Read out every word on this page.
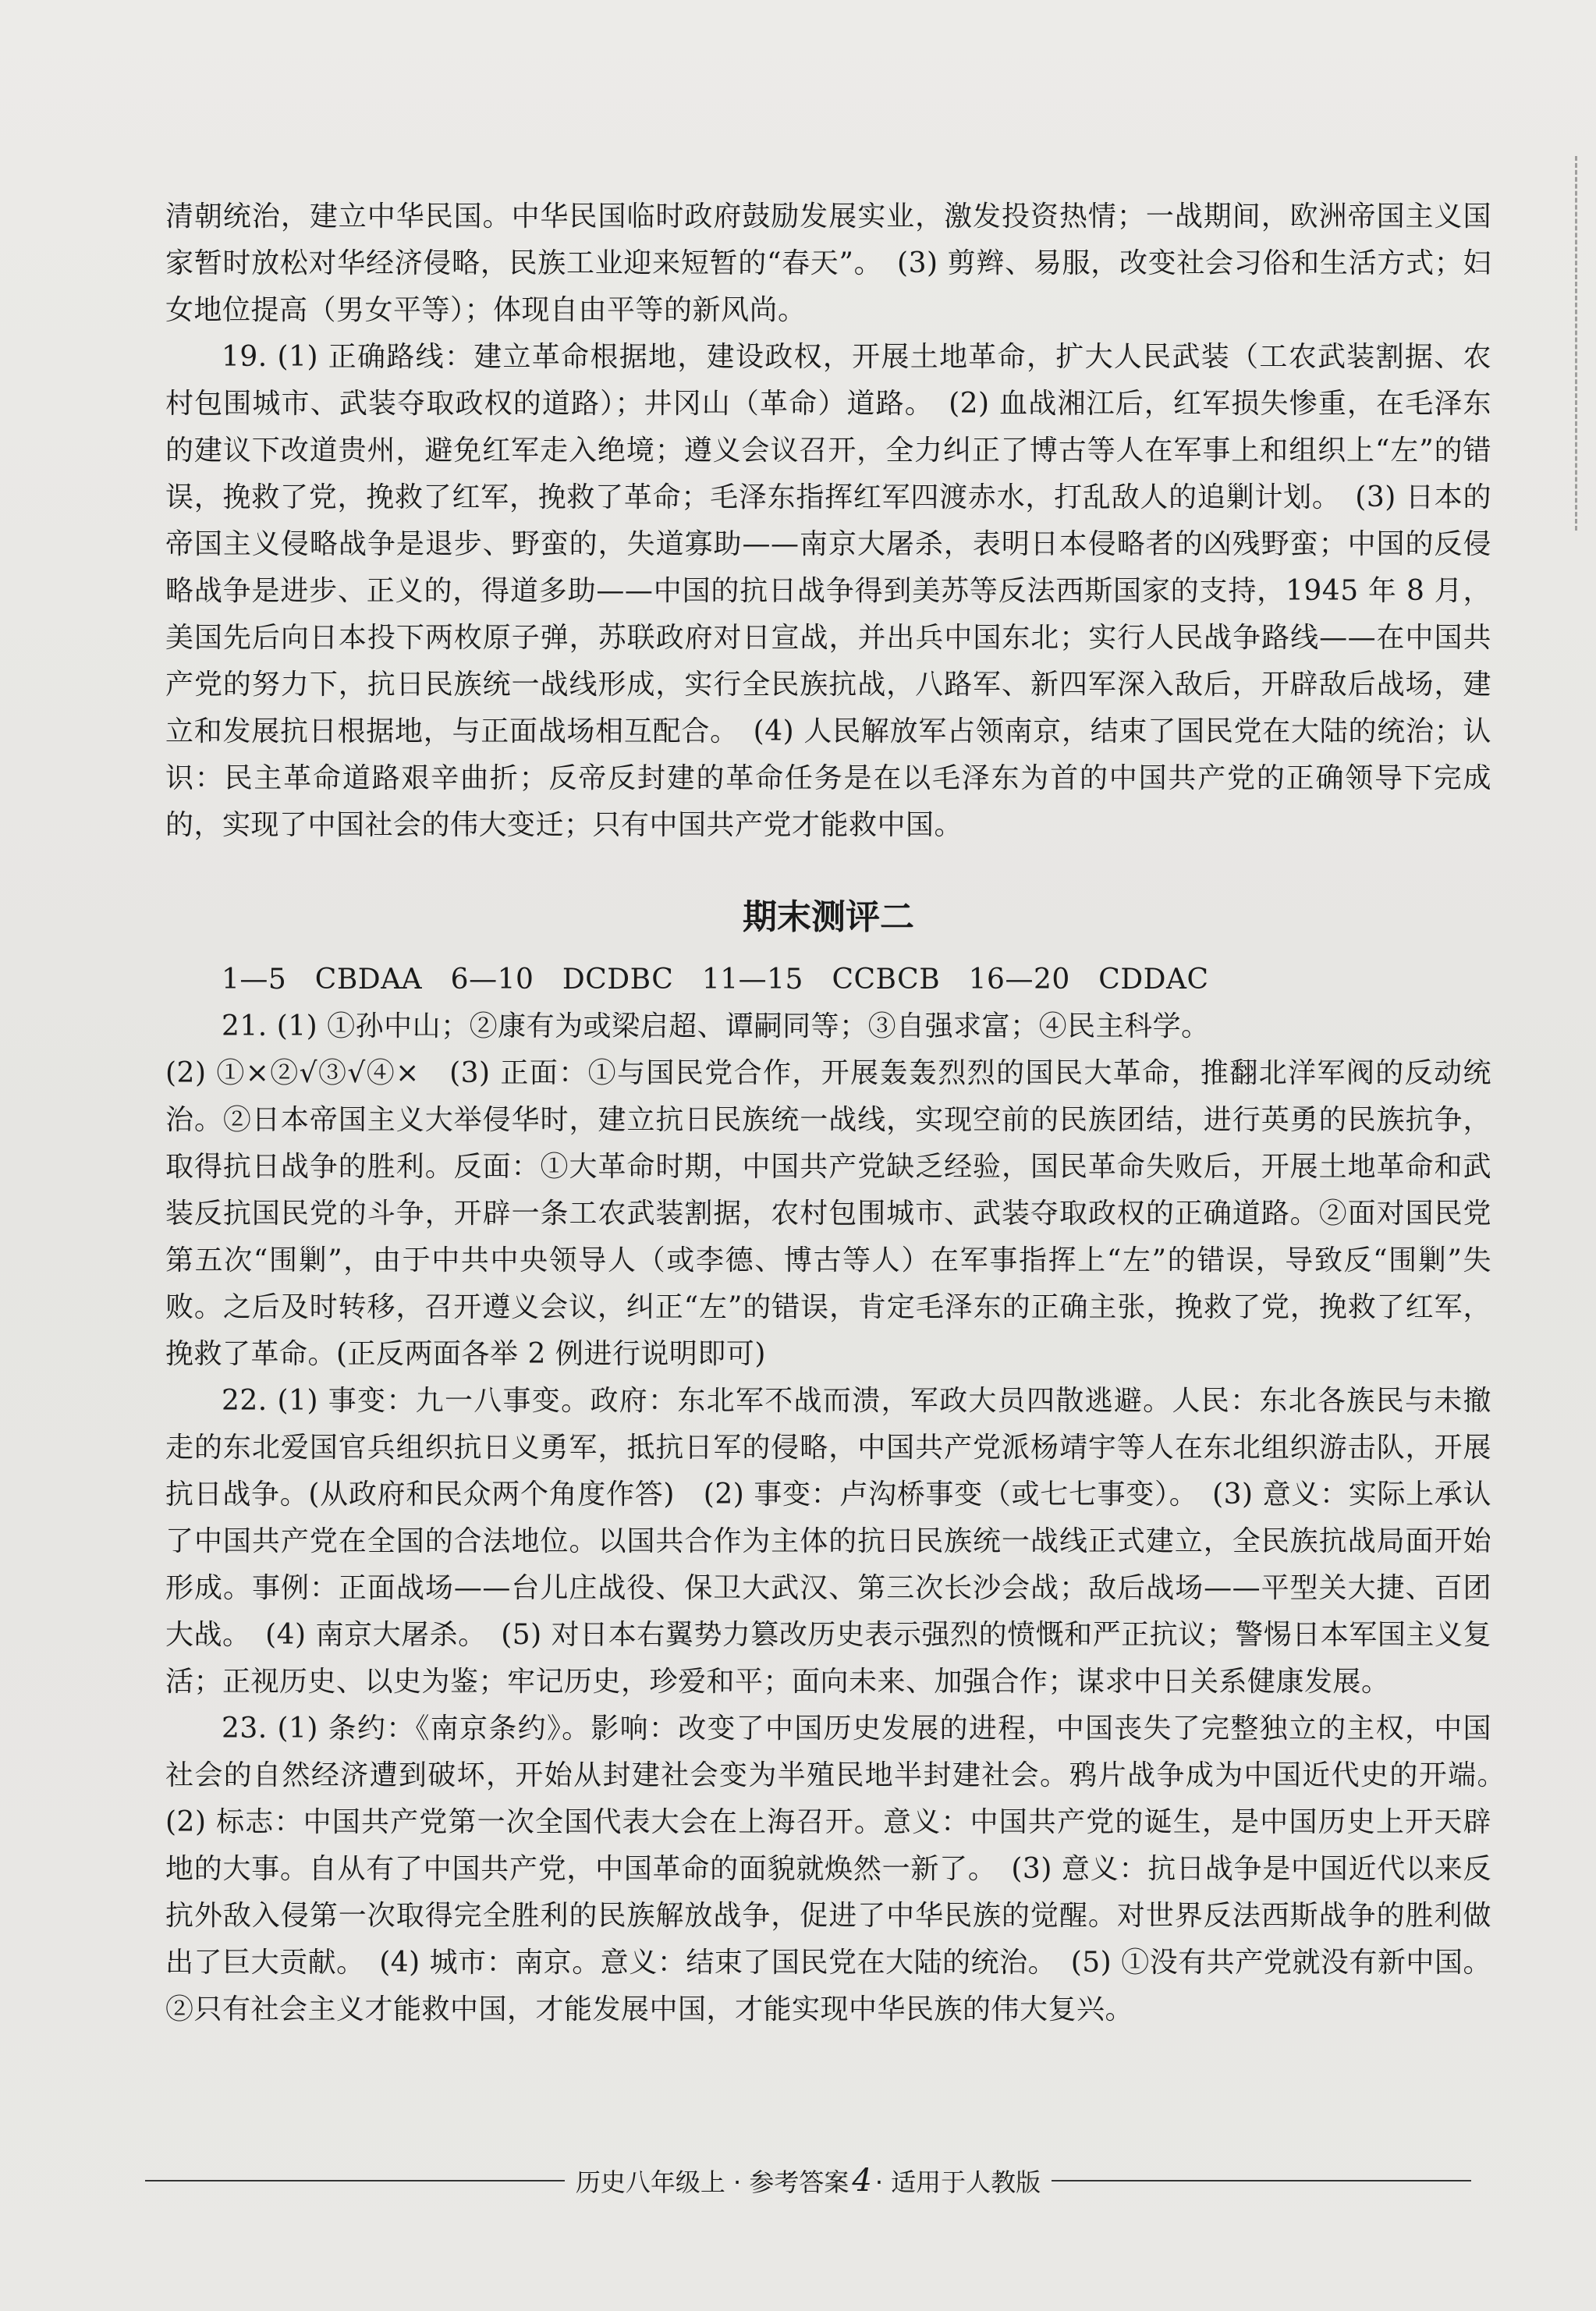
清朝统治，建立中华民国。中华民国临时政府鼓励发展实业，激发投资热情；一战期间，欧洲帝国主义国家暂时放松对华经济侵略，民族工业迎来短暂的“春天”。　(3) 剪辫、易服，改变社会习俗和生活方式；妇女地位提高（男女平等）；体现自由平等的新风尚。

19. (1) 正确路线：建立革命根据地，建设政权，开展土地革命，扩大人民武装（工农武装割据、农村包围城市、武装夺取政权的道路）；井冈山（革命）道路。　(2) 血战湘江后，红军损失惨重，在毛泽东的建议下改道贵州，避免红军走入绝境；遵义会议召开，全力纠正了博古等人在军事上和组织上“左”的错误，挽救了党，挽救了红军，挽救了革命；毛泽东指挥红军四渡赤水，打乱敌人的追剿计划。　(3) 日本的帝国主义侵略战争是退步、野蛮的，失道寡助——南京大屠杀，表明日本侵略者的凶残野蛮；中国的反侵略战争是进步、正义的，得道多助——中国的抗日战争得到美苏等反法西斯国家的支持，1945 年 8 月，美国先后向日本投下两枚原子弹，苏联政府对日宣战，并出兵中国东北；实行人民战争路线——在中国共产党的努力下，抗日民族统一战线形成，实行全民族抗战，八路军、新四军深入敌后，开辟敌后战场，建立和发展抗日根据地，与正面战场相互配合。　(4) 人民解放军占领南京，结束了国民党在大陆的统治；认识：民主革命道路艰辛曲折；反帝反封建的革命任务是在以毛泽东为首的中国共产党的正确领导下完成的，实现了中国社会的伟大变迁；只有中国共产党才能救中国。

期末测评二

1—5　CBDAA　6—10　DCDBC　11—15　CCBCB　16—20　CDDAC

21. (1) ①孙中山；②康有为或梁启超、谭嗣同等；③自强求富；④民主科学。

(2) ①×②√③√④×　(3) 正面：①与国民党合作，开展轰轰烈烈的国民大革命，推翻北洋军阀的反动统治。②日本帝国主义大举侵华时，建立抗日民族统一战线，实现空前的民族团结，进行英勇的民族抗争，取得抗日战争的胜利。反面：①大革命时期，中国共产党缺乏经验，国民革命失败后，开展土地革命和武装反抗国民党的斗争，开辟一条工农武装割据，农村包围城市、武装夺取政权的正确道路。②面对国民党第五次“围剿”，由于中共中央领导人（或李德、博古等人）在军事指挥上“左”的错误，导致反“围剿”失败。之后及时转移，召开遵义会议，纠正“左”的错误，肯定毛泽东的正确主张，挽救了党，挽救了红军，挽救了革命。(正反两面各举 2 例进行说明即可)

22. (1) 事变：九一八事变。政府：东北军不战而溃，军政大员四散逃避。人民：东北各族民与未撤走的东北爱国官兵组织抗日义勇军，抵抗日军的侵略，中国共产党派杨靖宇等人在东北组织游击队，开展抗日战争。(从政府和民众两个角度作答)　(2) 事变：卢沟桥事变（或七七事变）。　(3) 意义：实际上承认了中国共产党在全国的合法地位。以国共合作为主体的抗日民族统一战线正式建立，全民族抗战局面开始形成。事例：正面战场——台儿庄战役、保卫大武汉、第三次长沙会战；敌后战场——平型关大捷、百团大战。　(4) 南京大屠杀。　(5) 对日本右翼势力篡改历史表示强烈的愤慨和严正抗议；警惕日本军国主义复活；正视历史、以史为鉴；牢记历史，珍爱和平；面向未来、加强合作；谋求中日关系健康发展。

23. (1) 条约：《南京条约》。影响：改变了中国历史发展的进程，中国丧失了完整独立的主权，中国社会的自然经济遭到破坏，开始从封建社会变为半殖民地半封建社会。鸦片战争成为中国近代史的开端。　(2) 标志：中国共产党第一次全国代表大会在上海召开。意义：中国共产党的诞生，是中国历史上开天辟地的大事。自从有了中国共产党，中国革命的面貌就焕然一新了。　(3) 意义：抗日战争是中国近代以来反抗外敌入侵第一次取得完全胜利的民族解放战争，促进了中华民族的觉醒。对世界反法西斯战争的胜利做出了巨大贡献。　(4) 城市：南京。意义：结束了国民党在大陆的统治。　(5) ①没有共产党就没有新中国。②只有社会主义才能救中国，才能发展中国，才能实现中华民族的伟大复兴。

历史八年级上 · 参考答案 4 · 适用于人教版
